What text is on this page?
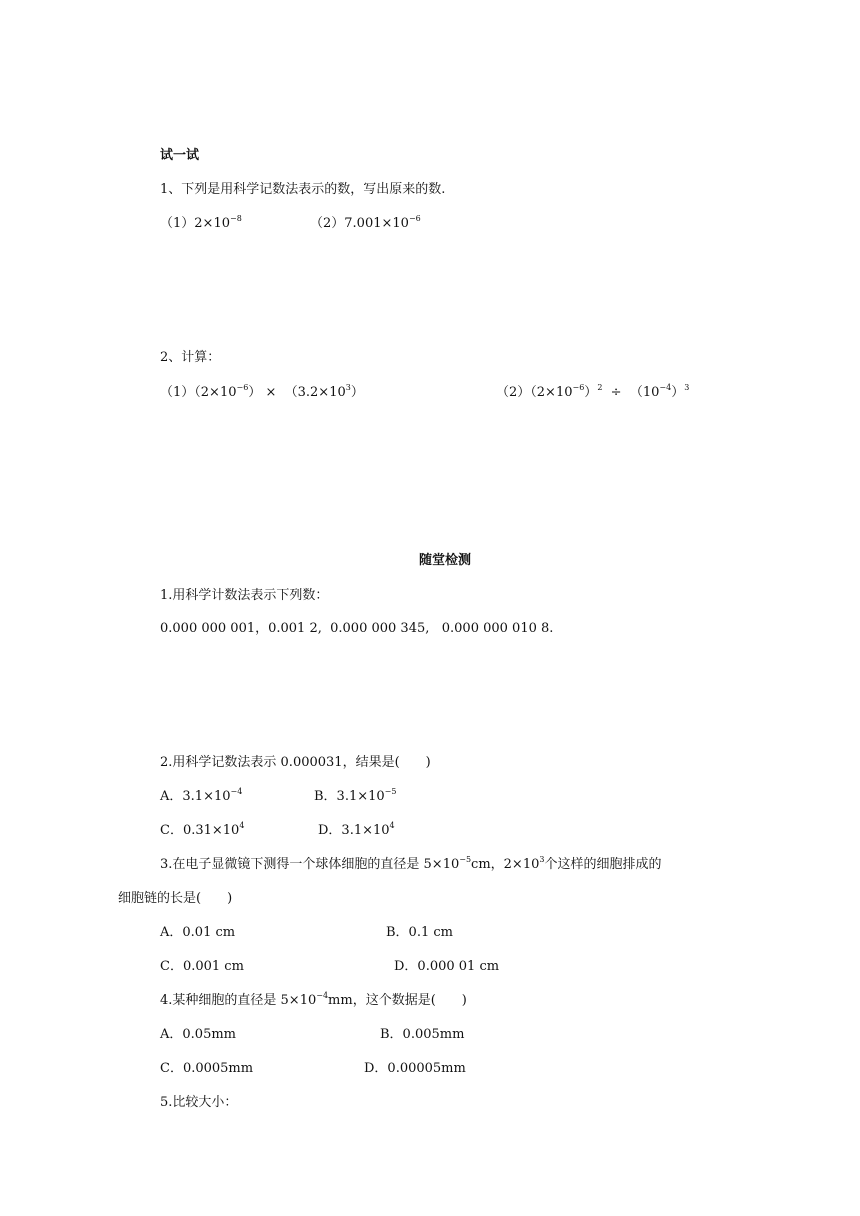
试一试
1、下列是用科学记数法表示的数，写出原来的数.
$(1)2\times 10^{-8}$	$(2)7.001\times 10^{-6}$
2、计算：
$(1)(2\times 10^{-6}) \times (3.2\times 10^3)$	$(2)(2\times 10^{-6})^2 \div (10^{-4})^3$
随堂检测
1.用科学计数法表示下列数：
0.000 000 001，0.001 2,  0.000 000 345,   0.000 000 010 8.
2.用科学记数法表示 0.000031，结果是(　　)
A．$3.1\times 10^{-4}$	B．$3.1\times 10^{-5}$
C．$0.31\times 10^4$	D．$3.1\times 10^4$
3.在电子显微镜下测得一个球体细胞的直径是 $5\times 10^{-5}cm$，$2\times 10^3$个这样的细胞排成的
细胞链的长是(　　)
A．0.01 cm	B．0.1 cm
C．0.001 cm	D．0.000 01 cm
4.某种细胞的直径是 $5\times 10^{-4}mm$，这个数据是(　　)
A．0.05mm	B．0.005mm
C．0.0005mm	D．0.00005mm
5.比较大小：
